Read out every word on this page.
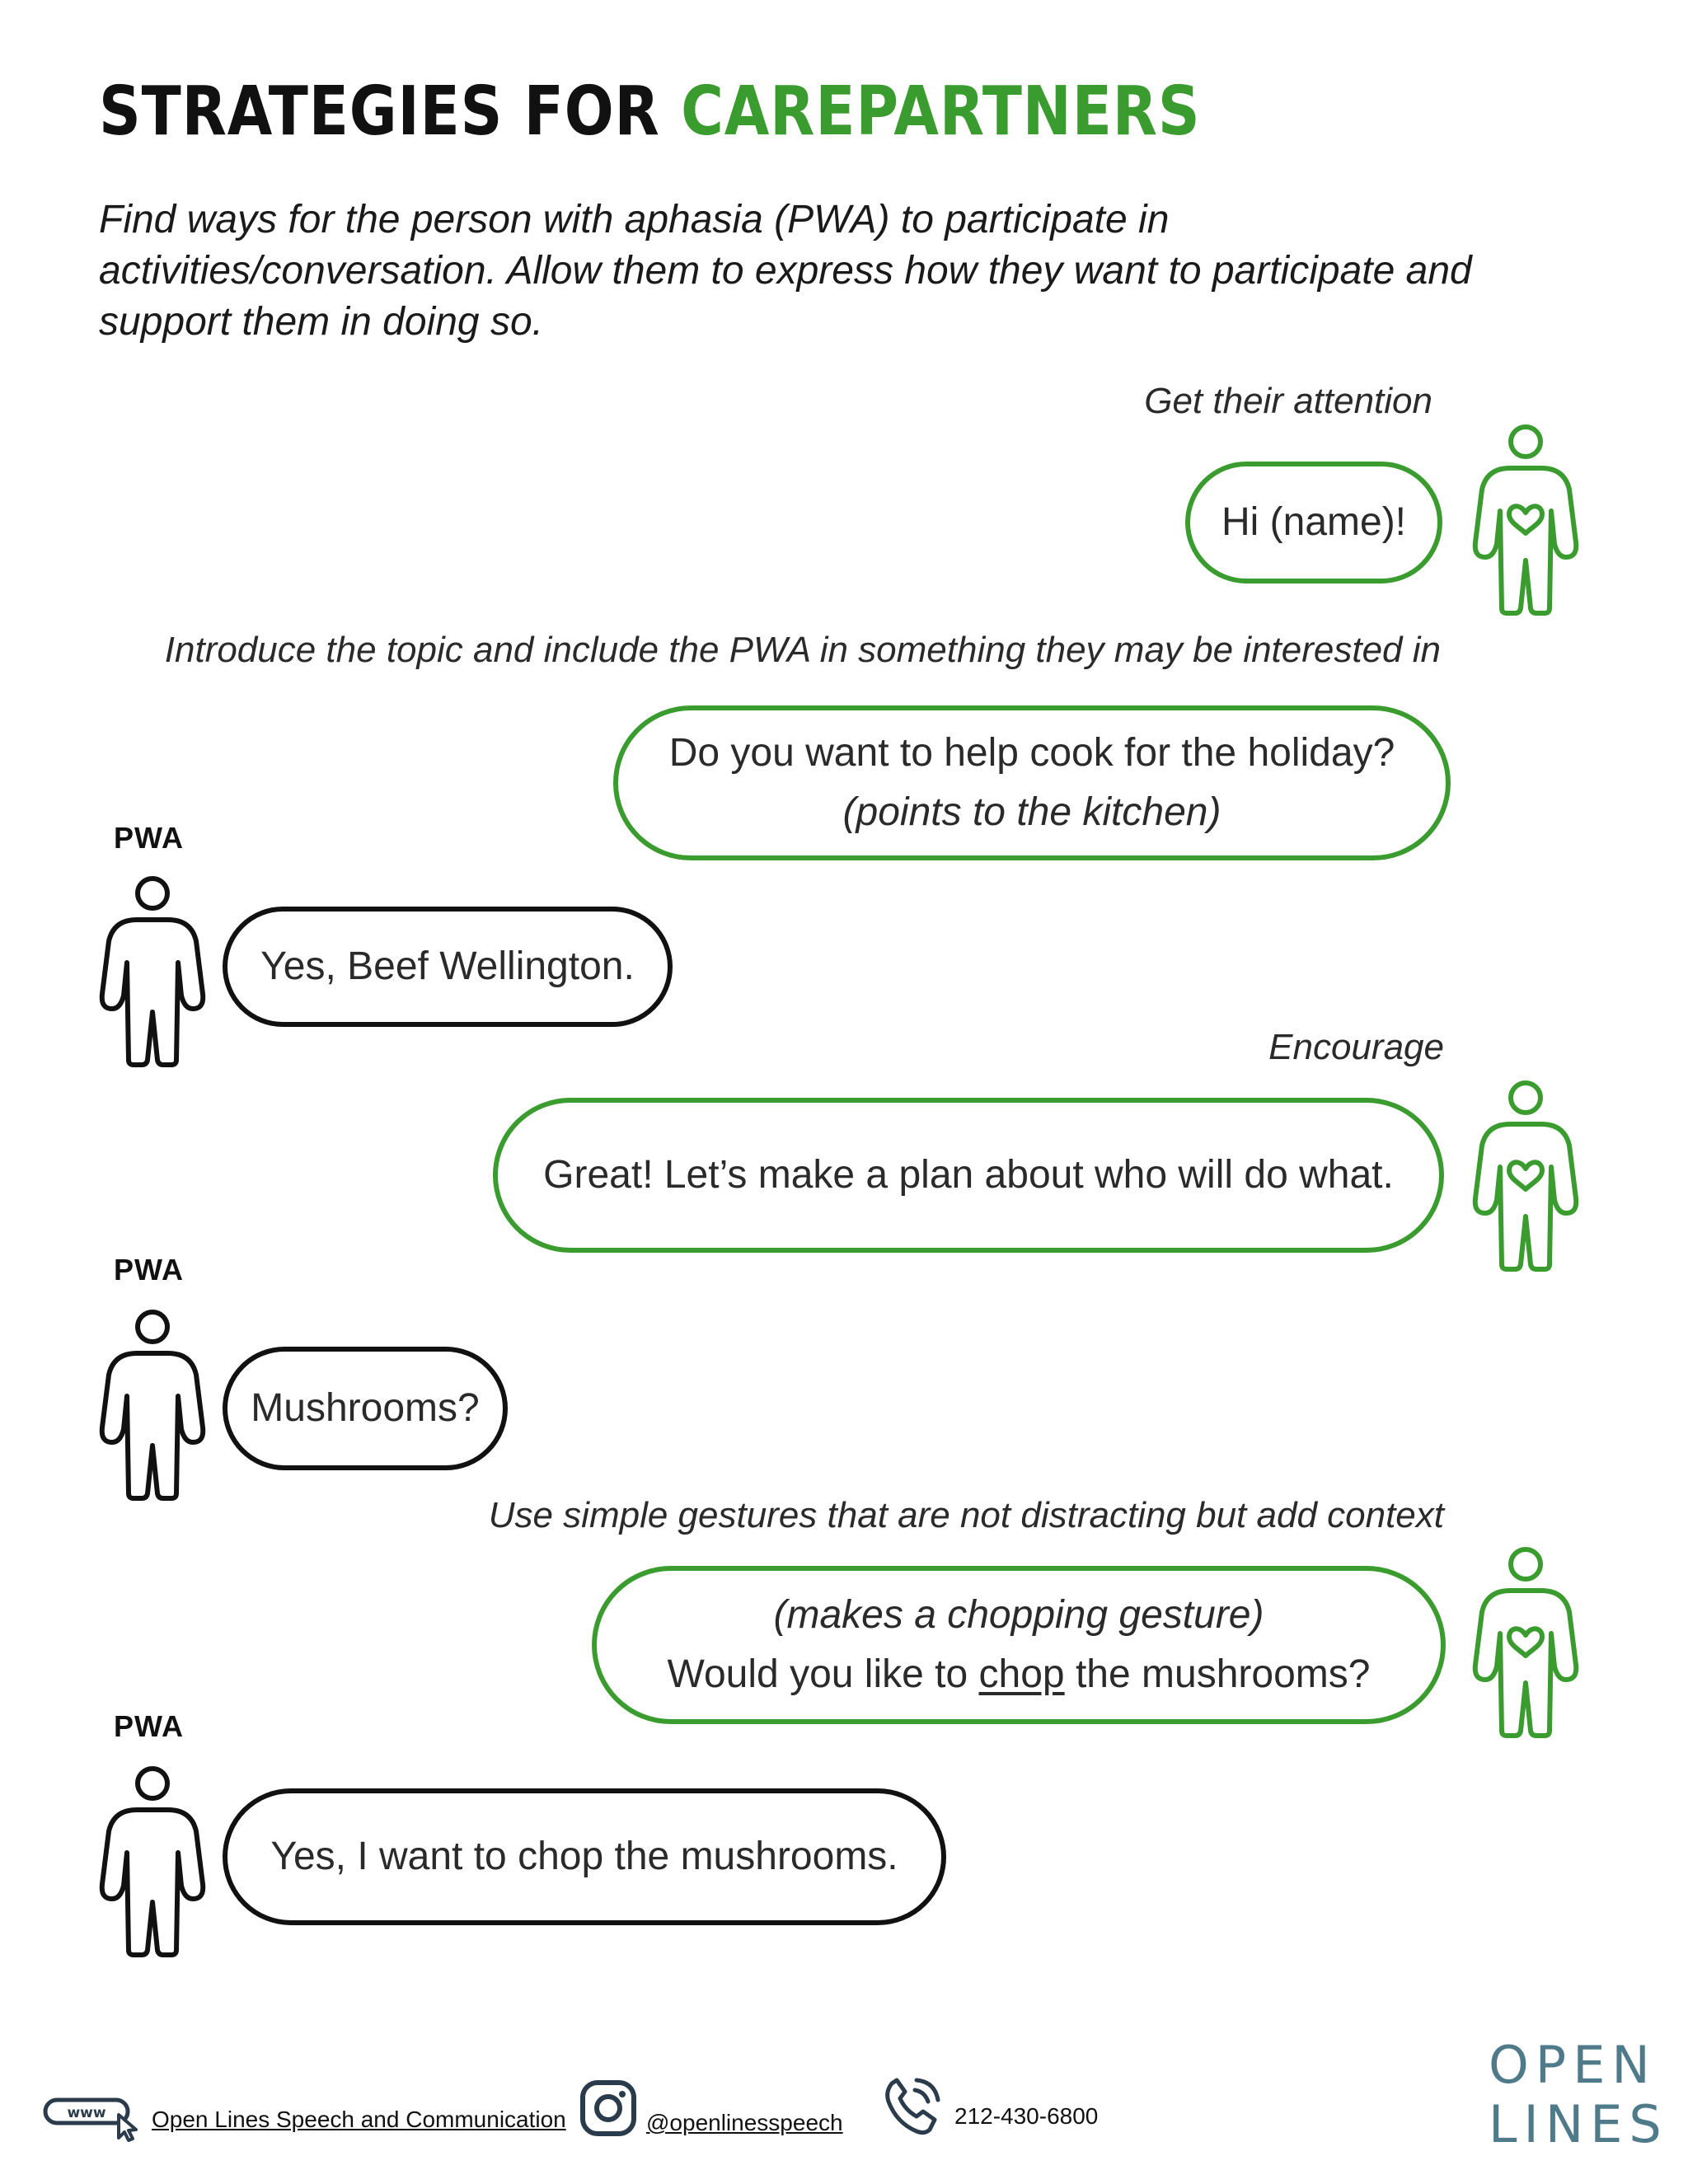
STRATEGIES FOR CAREPARTNERS

Find ways for the person with aphasia (PWA) to participate in

activities/conversation. Allow them to express how they want to participate and

support them in doing so.

Get their attention
Hi (name)!
Introduce the topic and include the PWA in something they may be interested in
Do you want to help cook for the holiday?
(points to the kitchen)
PWA
Yes, Beef Wellington.
Encourage
Great! Let’s make a plan about who will do what.
PWA
Mushrooms?
Use simple gestures that are not distracting but add context
(makes a chopping gesture)
Would you like to chop the mushrooms?
PWA
Yes, I want to chop the mushrooms.
www Open Lines Speech and Communication	@openlinesspeech	212-430-6800
OPEN
LINES
